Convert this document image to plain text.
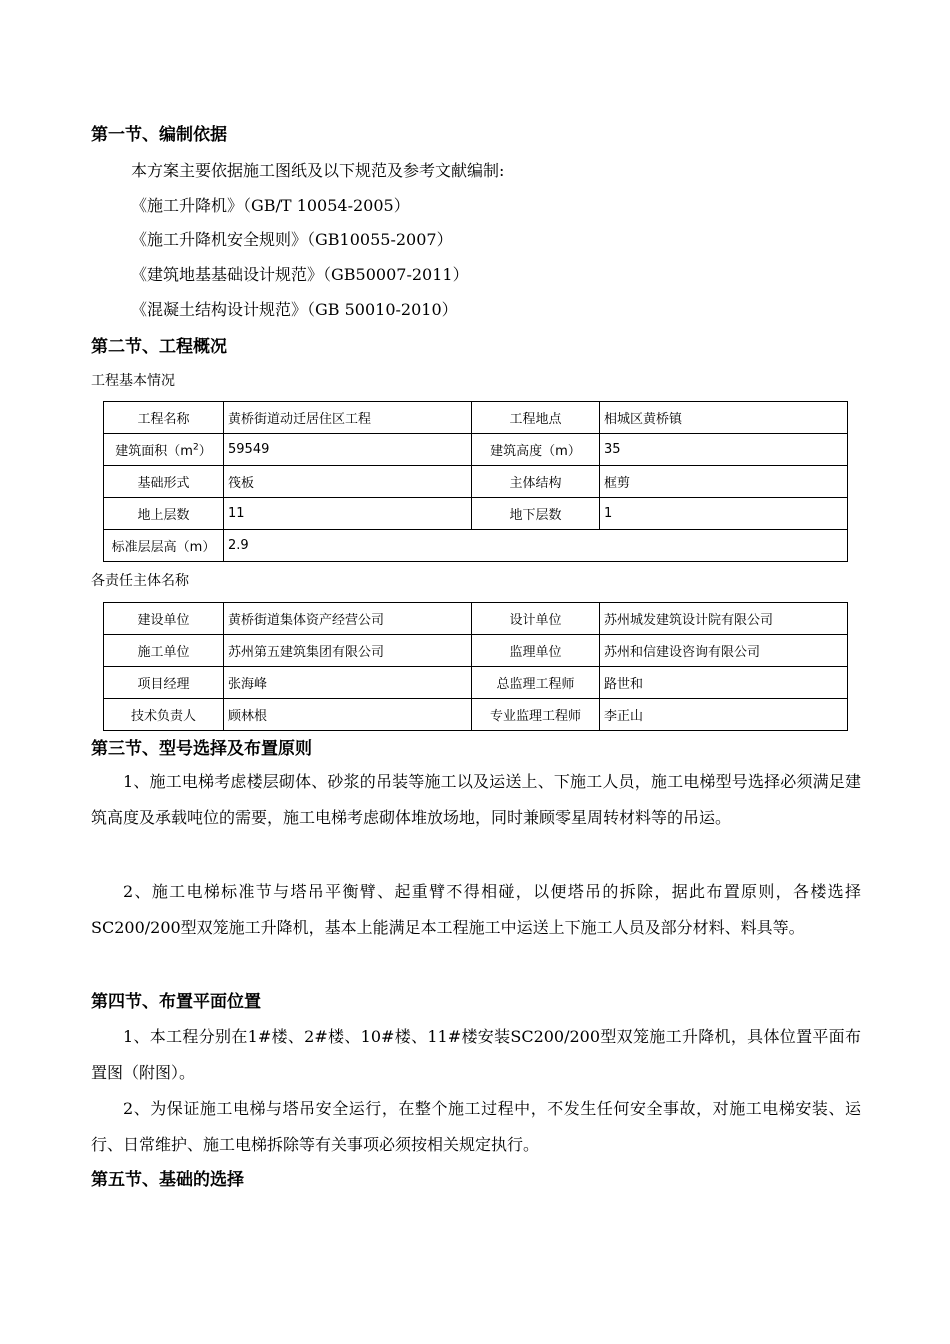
第一节、编制依据
本方案主要依据施工图纸及以下规范及参考文献编制:
《施工升降机》（GB/T 10054-2005）
《施工升降机安全规则》（GB10055-2007）
《建筑地基基础设计规范》（GB50007-2011）
《混凝土结构设计规范》（GB 50010-2010）
第二节、工程概况
工程基本情况
工程名称	黄桥街道动迁居住区工程	工程地点	相城区黄桥镇
建筑面积$(m^2)$	59549	建筑高度（m）	35
基础形式	筏板	主体结构	框剪
地上层数	11	地下层数	1
标准层层高（m）	2.9		
各责任主体名称
建设单位	黄桥街道集体资产经营公司	设计单位	苏州城发建筑设计院有限公司
施工单位	苏州第五建筑集团有限公司	监理单位	苏州和信建设咨询有限公司
项目经理	张海峰	总监理工程师	路世和
技术负责人	顾林根	专业监理工程师	李正山
第三节、型号选择及布置原则
1、施工电梯考虑楼层砌体、砂浆的吊装等施工以及运送上、下施工人员，施工电梯型号选择必须满足建筑高度及承载吨位的需要，施工电梯考虑砌体堆放场地，同时兼顾零星周转材料等的吊运。
2、施工电梯标准节与塔吊平衡臂、起重臂不得相碰，以便塔吊的拆除，据此布置原则，各楼选择SC200/200型双笼施工升降机，基本上能满足本工程施工中运送上下施工人员及部分材料、料具等。
第四节、布置平面位置
1、本工程分别在1#楼、2#楼、10#楼、11#楼安装SC200/200型双笼施工升降机，具体位置平面布置图（附图）。
2、为保证施工电梯与塔吊安全运行，在整个施工过程中，不发生任何安全事故，对施工电梯安装、运行、日常维护、施工电梯拆除等有关事项必须按相关规定执行。
第五节、基础的选择
